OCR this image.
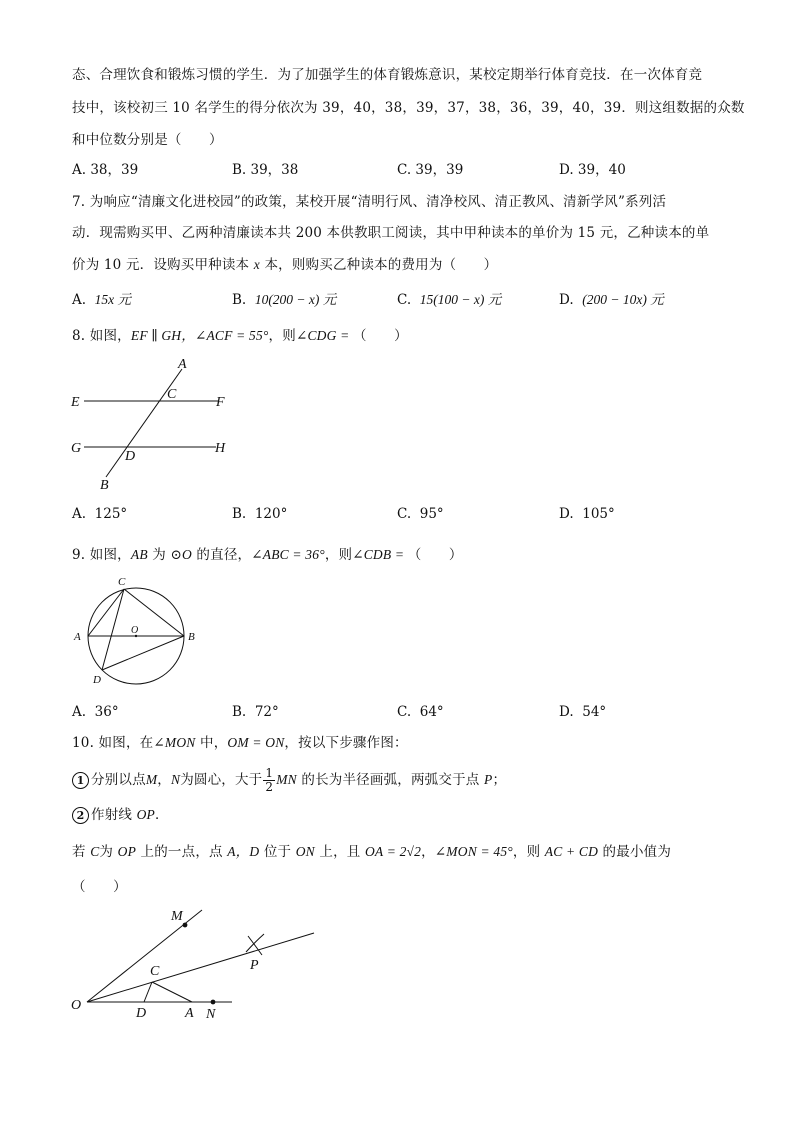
态、合理饮食和锻炼习惯的学生．为了加强学生的体育锻炼意识，某校定期举行体育竞技．在一次体育竞
技中，该校初三 10 名学生的得分依次为 39，40，38，39，37，38，36，39，40，39．则这组数据的众数
和中位数分别是（　　）
A. 38，39	B. 39，38	C. 39，39	D. 39，40
7. 为响应“清廉文化进校园”的政策，某校开展“清明行风、清净校风、清正教风、清新学风”系列活
动．现需购买甲、乙两种清廉读本共 200 本供教职工阅读，其中甲种读本的单价为 15 元，乙种读本的单
价为 10 元．设购买甲种读本 x 本，则购买乙种读本的费用为（　　）
A. 15x 元	B. 10(200 − x) 元	C. 15(100 − x) 元	D. (200 − 10x) 元
8. 如图，EF ∥ GH，∠ACF = 55°，则∠CDG = （　　）
A
C
E	F
G
D
H
B
A. 125°	B. 120°	C. 95°	D. 105°
9. 如图，AB 为 ⊙O 的直径，∠ABC = 36°，则∠CDB = （　　）
C
A
O
B
D
A. 36°	B. 72°	C. 64°	D. 54°
10. 如图，在∠MON 中，OM = ON，按以下步骤作图：
1 分别以点M，N为圆心，大于 $\frac{1}{2}$ MN 的长为半径画弧，两弧交于点 P；
2 作射线 OP．
若 C为 OP 上的一点，点 A，D 位于 ON 上，且 OA = 2√2，∠MON = 45°，则 AC + CD 的最小值为
（　　）
M
P
C
O
D	A N
